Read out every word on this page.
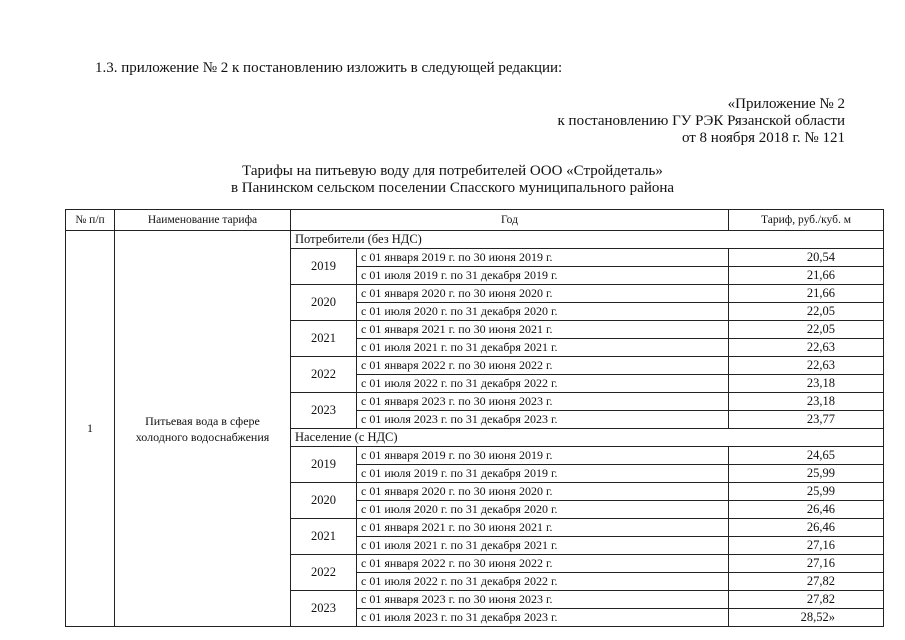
1.3. приложение № 2 к постановлению изложить в следующей редакции:
«Приложение № 2
к постановлению ГУ РЭК Рязанской области
от 8 ноября 2018 г. № 121
Тарифы на питьевую воду для потребителей ООО «Стройдеталь»
в Панинском сельском поселении Спасского муниципального района
№ п/п	Наименование тарифа	Год		Тариф, руб./куб. м
1	Питьевая вода в сфере холодного водоснабжения	Потребители (без НДС)		
		2019	с 01 января 2019 г. по 30 июня 2019 г.	20,54
			с 01 июля 2019 г. по 31 декабря 2019 г.	21,66
		2020	с 01 января 2020 г. по 30 июня 2020 г.	21,66
			с 01 июля 2020 г. по 31 декабря 2020 г.	22,05
		2021	с 01 января 2021 г. по 30 июня 2021 г.	22,05
			с 01 июля 2021 г. по 31 декабря 2021 г.	22,63
		2022	с 01 января 2022 г. по 30 июня 2022 г.	22,63
			с 01 июля 2022 г. по 31 декабря 2022 г.	23,18
		2023	с 01 января 2023 г. по 30 июня 2023 г.	23,18
			с 01 июля 2023 г. по 31 декабря 2023 г.	23,77
		Население (с НДС)		
		2019	с 01 января 2019 г. по 30 июня 2019 г.	24,65
			с 01 июля 2019 г. по 31 декабря 2019 г.	25,99
		2020	с 01 января 2020 г. по 30 июня 2020 г.	25,99
			с 01 июля 2020 г. по 31 декабря 2020 г.	26,46
		2021	с 01 января 2021 г. по 30 июня 2021 г.	26,46
			с 01 июля 2021 г. по 31 декабря 2021 г.	27,16
		2022	с 01 января 2022 г. по 30 июня 2022 г.	27,16
			с 01 июля 2022 г. по 31 декабря 2022 г.	27,82
		2023	с 01 января 2023 г. по 30 июня 2023 г.	27,82
			с 01 июля 2023 г. по 31 декабря 2023 г.	28,52»
